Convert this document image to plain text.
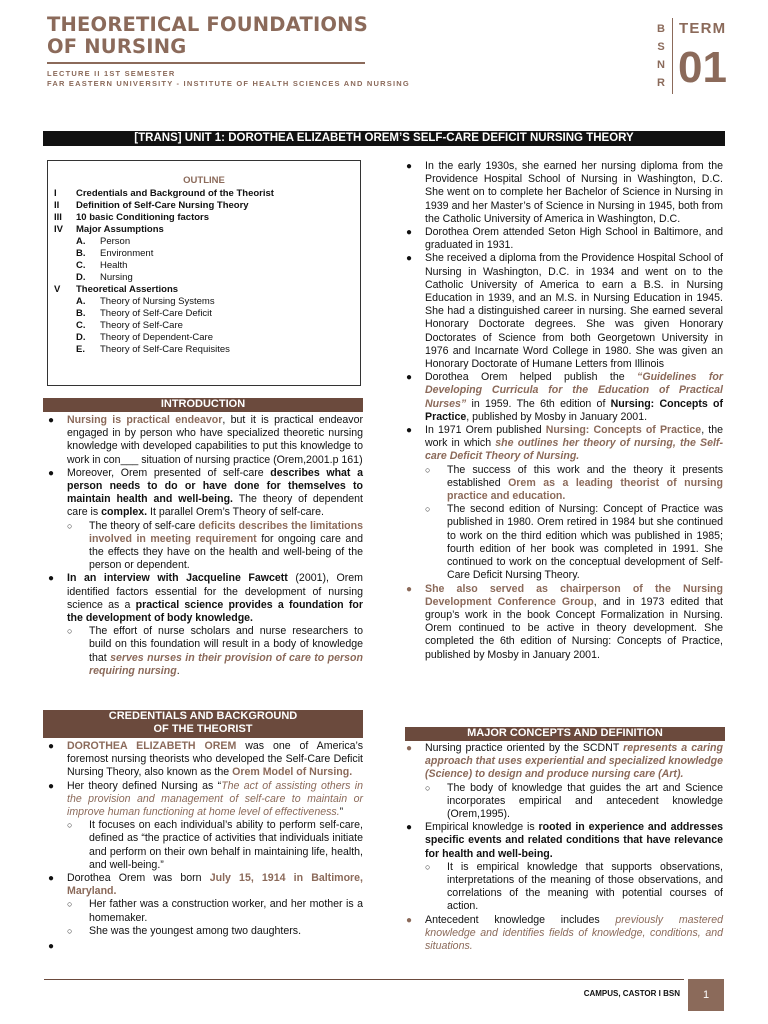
THEORETICAL FOUNDATIONS
OF NURSING
LECTURE II 1ST SEMESTER
FAR EASTERN UNIVERSITY - INSTITUTE OF HEALTH SCIENCES AND NURSING
B
S
N
R
TERM
01
[TRANS] UNIT 1: DOROTHEA ELIZABETH OREM’S SELF-CARE DEFICIT NURSING THEORY
OUTLINE
I	Credentials and Background of the Theorist
II	Definition of Self-Care Nursing Theory
III	10 basic Conditioning factors
IV	Major Assumptions
A.	Person
B.	Environment
C.	Health
D.	Nursing
V	Theoretical Assertions
A.	Theory of Nursing Systems
B.	Theory of Self-Care Deficit
C.	Theory of Self-Care
D.	Theory of Dependent-Care
E.	Theory of Self-Care Requisites
INTRODUCTION
●	Nursing is practical endeavor, but it is practical endeavor engaged in by person who have specialized theoretic nursing knowledge with developed capabilities to put this knowledge to work in con___ situation of nursing practice (Orem,2001.p 161)
●	Moreover, Orem presented of self-care describes what a person needs to do or have done for themselves to maintain health and well-being. The theory of dependent care is complex. It parallel Orem’s Theory of self-care.
○	The theory of self-care deficits describes the limitations involved in meeting requirement for ongoing care and the effects they have on the health and well-being of the person or dependent.
●	In an interview with Jacqueline Fawcett (2001), Orem identified factors essential for the development of nursing science as a practical science provides a foundation for the development of body knowledge.
○	The effort of nurse scholars and nurse researchers to build on this foundation will result in a body of knowledge that serves nurses in their provision of care to person requiring nursing.
CREDENTIALS AND BACKGROUND
OF THE THEORIST
●	DOROTHEA ELIZABETH OREM was one of America’s foremost nursing theorists who developed the Self-Care Deficit Nursing Theory, also known as the Orem Model of Nursing.
●	Her theory defined Nursing as “The act of assisting others in the provision and management of self-care to maintain or improve human functioning at home level of effectiveness.”
○	It focuses on each individual’s ability to perform self-care, defined as “the practice of activities that individuals initiate and perform on their own behalf in maintaining life, health, and well-being.”
●	Dorothea Orem was born July 15, 1914 in Baltimore, Maryland.
○	Her father was a construction worker, and her mother is a homemaker.
○	She was the youngest among two daughters.
●
●	In the early 1930s, she earned her nursing diploma from the Providence Hospital School of Nursing in Washington, D.C. She went on to complete her Bachelor of Science in Nursing in 1939 and her Master’s of Science in Nursing in 1945, both from the Catholic University of America in Washington, D.C.
●	Dorothea Orem attended Seton High School in Baltimore, and graduated in 1931.
●	She received a diploma from the Providence Hospital School of Nursing in Washington, D.C. in 1934 and went on to the Catholic University of America to earn a B.S. in Nursing Education in 1939, and an M.S. in Nursing Education in 1945. She had a distinguished career in nursing. She earned several Honorary Doctorate degrees. She was given Honorary Doctorates of Science from both Georgetown University in 1976 and Incarnate Word College in 1980. She was given an Honorary Doctorate of Humane Letters from Illinois
●	Dorothea Orem helped publish the “Guidelines for Developing Curricula for the Education of Practical Nurses” in 1959. The 6th edition of Nursing: Concepts of Practice, published by Mosby in January 2001.
●	In 1971 Orem published Nursing: Concepts of Practice, the work in which she outlines her theory of nursing, the Self-care Deficit Theory of Nursing.
○	The success of this work and the theory it presents established Orem as a leading theorist of nursing practice and education.
○	The second edition of Nursing: Concept of Practice was published in 1980. Orem retired in 1984 but she continued to work on the third edition which was published in 1985; fourth edition of her book was completed in 1991. She continued to work on the conceptual development of Self-Care Deficit Nursing Theory.
●	She also served as chairperson of the Nursing Development Conference Group, and in 1973 edited that group’s work in the book Concept Formalization in Nursing. Orem continued to be active in theory development. She completed the 6th edition of Nursing: Concepts of Practice, published by Mosby in January 2001.
MAJOR CONCEPTS AND DEFINITION
●	Nursing practice oriented by the SCDNT represents a caring approach that uses experiential and specialized knowledge (Science) to design and produce nursing care (Art).
○	The body of knowledge that guides the art and Science incorporates empirical and antecedent knowledge (Orem,1995).
●	Empirical knowledge is rooted in experience and addresses specific events and related conditions that have relevance for health and well-being.
○	It is empirical knowledge that supports observations, interpretations of the meaning of those observations, and correlations of the meaning with potential courses of action.
●	Antecedent knowledge includes previously mastered knowledge and identifies fields of knowledge, conditions, and situations.
CAMPUS, CASTOR I BSN	1
